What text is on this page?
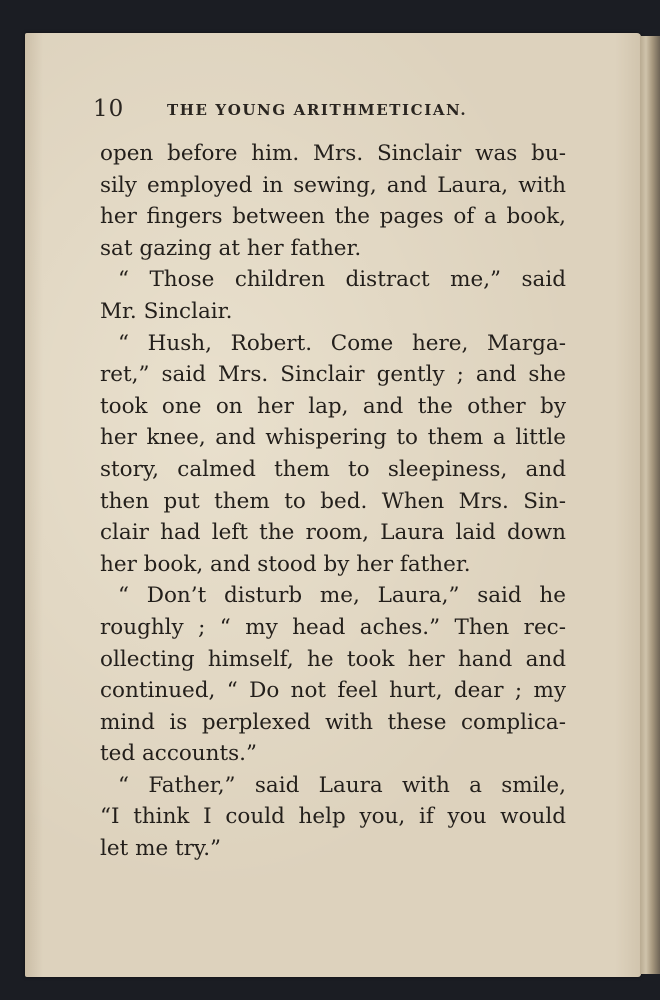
10	THE YOUNG ARITHMETICIAN.
open before him. Mrs. Sinclair was bu-
sily employed in sewing, and Laura, with
her fingers between the pages of a book,
sat gazing at her father.
“ Those children distract me,” said
Mr. Sinclair.
“ Hush, Robert. Come here, Marga-
ret,” said Mrs. Sinclair gently ; and she
took one on her lap, and the other by
her knee, and whispering to them a little
story, calmed them to sleepiness, and
then put them to bed. When Mrs. Sin-
clair had left the room, Laura laid down
her book, and stood by her father.
“ Don’t disturb me, Laura,” said he
roughly ; “ my head aches.” Then rec-
ollecting himself, he took her hand and
continued, “ Do not feel hurt, dear ; my
mind is perplexed with these complica-
ted accounts.”
“ Father,” said Laura with a smile,
“I think I could help you, if you would
let me try.”
